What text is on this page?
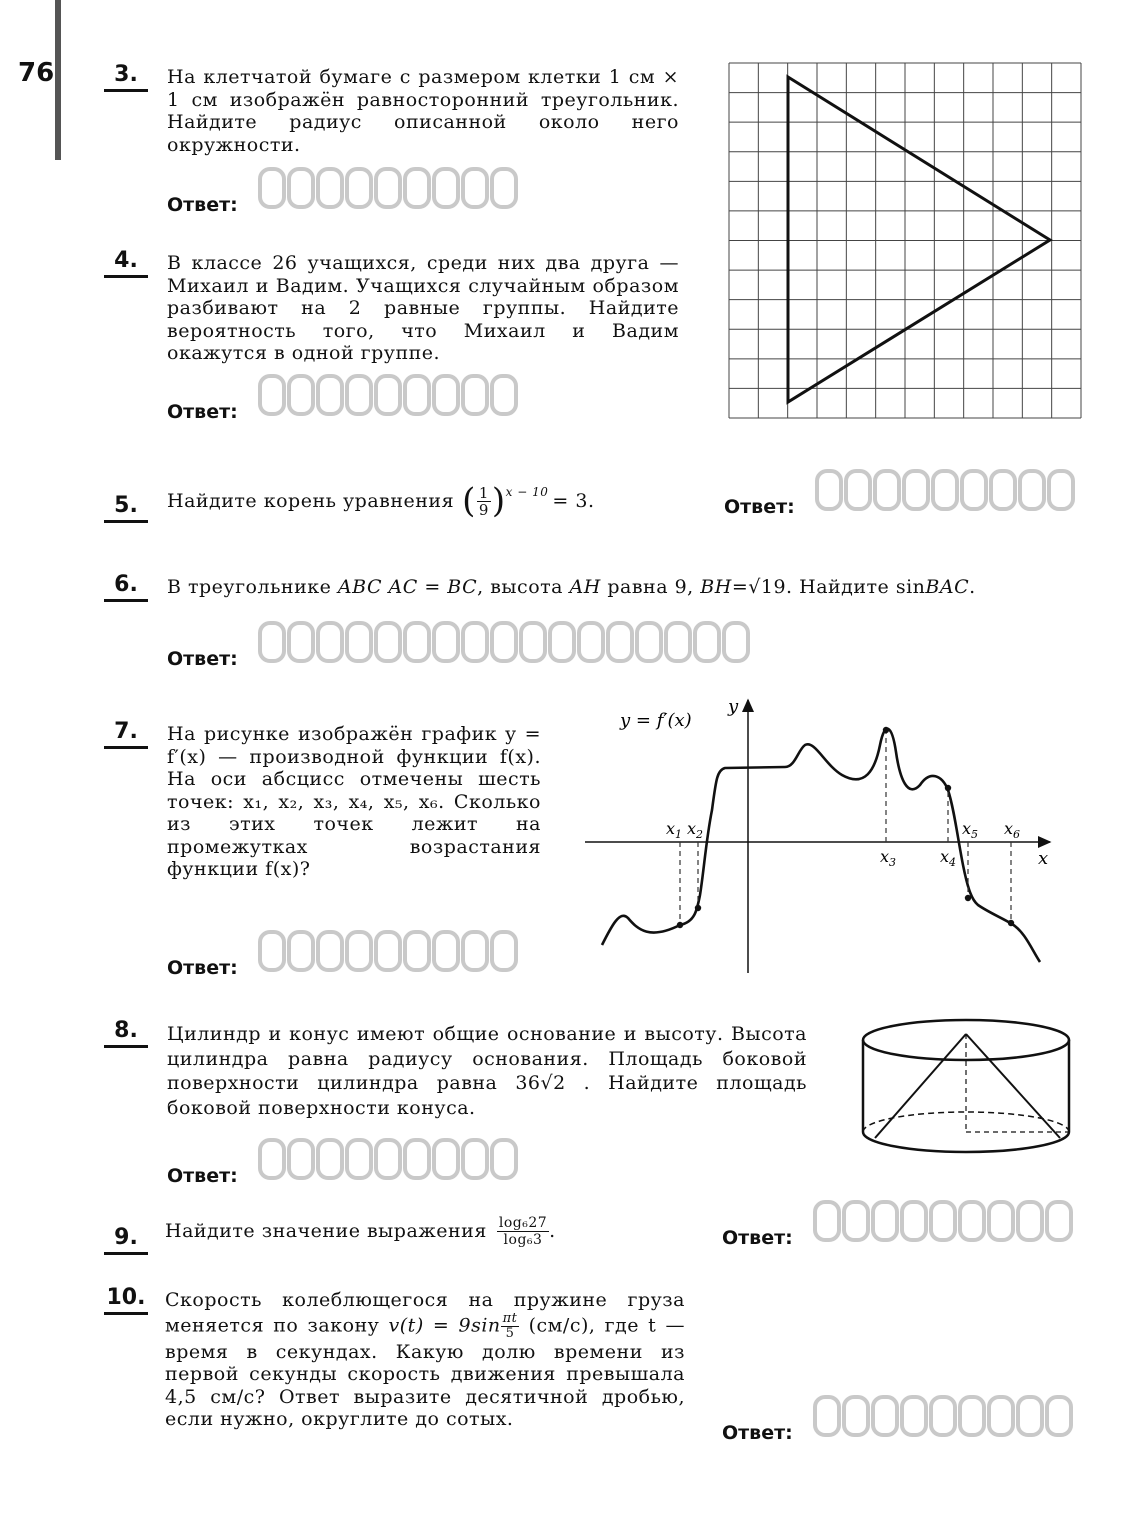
76	3.	На клетчатой бумаге с размером клетки 1 см × 1 см изображён равносторонний треугольник. Найдите радиус описанной около него окружности.
Ответ:
4.	В классе 26 учащихся, среди них два друга — Михаил и Вадим. Учащихся случайным образом разбивают на 2 равные группы. Найдите вероятность того, что Михаил и Вадим окажутся в одной группе.
Ответ:
5.	Найдите корень уравнения ( $\frac{1}{9}$ ) x − 10 = 3.	Ответ:
6.	В треугольнике ABC AC = BC, высота AH равна 9, BH=√19. Найдите sinBAC.
Ответ:
7.	На рисунке изображён график y = f′(x) — производной функции f(x). На оси абсцисс отмечены шесть точек: x₁, x₂, x₃, x₄, x₅, x₆. Сколько из этих точек лежит на промежутках возрастания функции f(x)?
Ответ:
y = f′(x)
y
x
$x_1$ $x_2$
$x_3$	$x_4$
$x_5$ $x_6$
8.	Цилиндр и конус имеют общие основание и высоту. Высота цилиндра равна радиусу основания. Площадь боковой поверхности цилиндра равна 36√2 . Найдите площадь боковой поверхности конуса.
Ответ:
9.	Найдите значение выражения $\frac{\text{log₆27}}{\text{log₆3}}$ .	Ответ:
10. Скорость колеблющегося на пружине груза меняется по закону $v(t) = 9\sin \frac{\pi t}{5} (см/с)$, где t — время в секундах. Какую долю времени из первой секунды скорость движения превышала 4,5 см/с? Ответ выразите десятичной дробью, если нужно, округлите до сотых.
Ответ:
